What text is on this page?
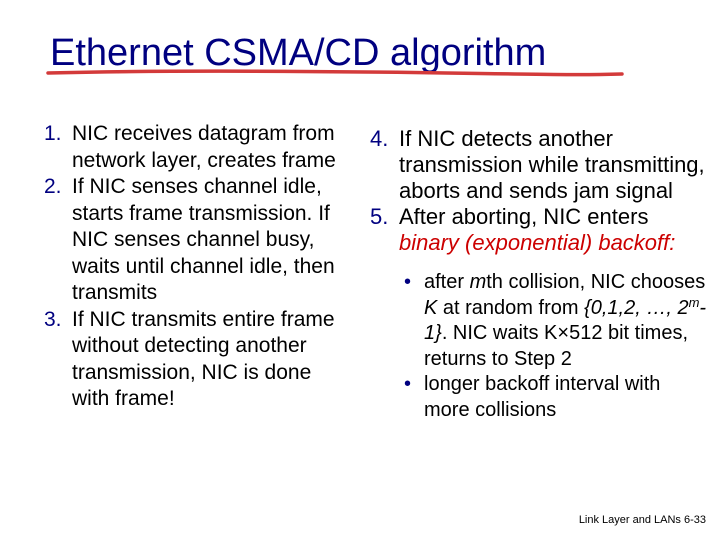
Ethernet CSMA/CD algorithm
1. NIC receives datagram from network layer, creates frame
2. If NIC senses channel idle, starts frame transmission. If NIC senses channel busy, waits until channel idle, then transmits
3. If NIC transmits entire frame without detecting another transmission, NIC is done with frame!
4. If NIC detects another transmission while transmitting, aborts and sends jam signal
5. After aborting, NIC enters binary (exponential) backoff:
• after mth collision, NIC chooses K at random from {0,1,2, …, 2$^m$-1}. NIC waits K×512 bit times, returns to Step 2
• longer backoff interval with more collisions
Link Layer and LANs 6-33
